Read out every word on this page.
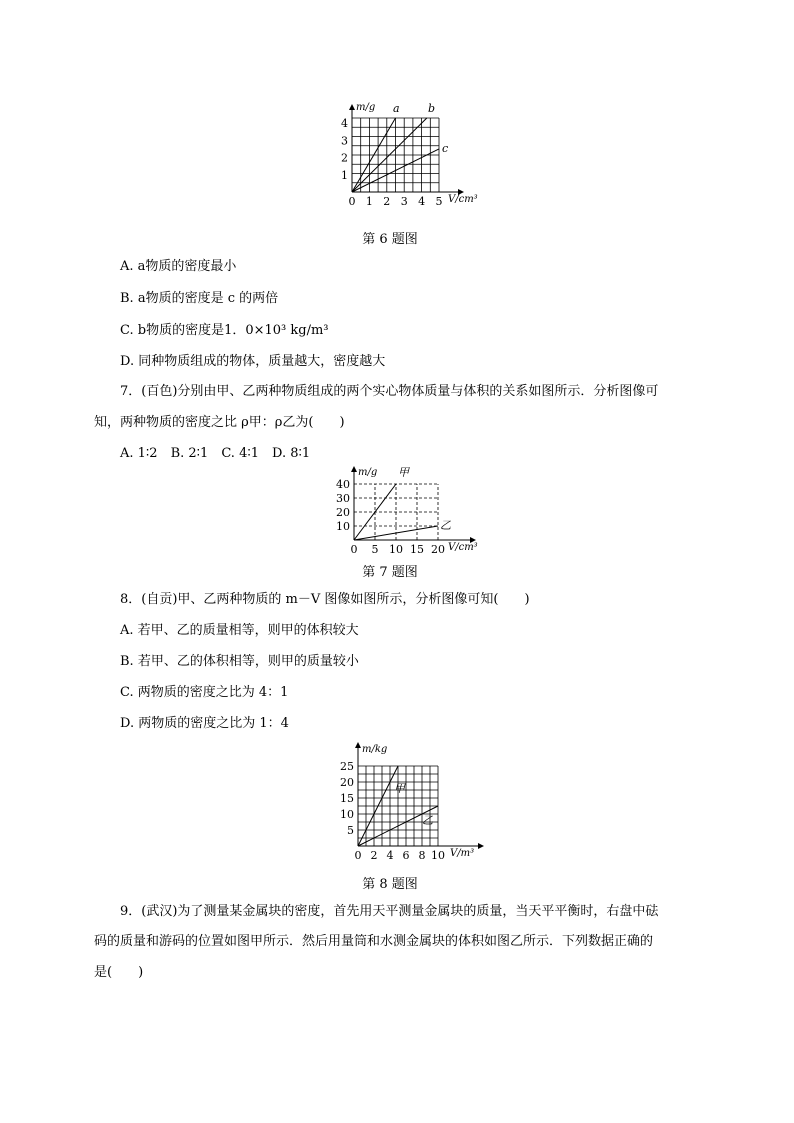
0 1 2 3 4 5
1
2
3
4
V/cm³
m/g a	b
c
第 6 题图
A. a物质的密度最小
B. a物质的密度是 c 的两倍
C. b物质的密度是1．0×10³ kg/m³
D. 同种物质组成的物体，质量越大，密度越大
7．(百色)分别由甲、乙两种物质组成的两个实心物体质量与体积的关系如图所示．分析图像可
知，两种物质的密度之比 ρ甲：ρ乙为(　　)
A. 1∶2　B. 2∶1　C. 4∶1　D. 8∶1
0 5 10 15 20
10
20
30
40
V/cm³
m/g 甲
乙
第 7 题图
8．(自贡)甲、乙两种物质的 m－V 图像如图所示，分析图像可知(　　)
A. 若甲、乙的质量相等，则甲的体积较大
B. 若甲、乙的体积相等，则甲的质量较小
C. 两物质的密度之比为 4：1
D. 两物质的密度之比为 1：4
0 2 4 6 8 10
5
10
15
20
25
V/m³
m/kg
甲
乙
第 8 题图
9．(武汉)为了测量某金属块的密度，首先用天平测量金属块的质量，当天平平衡时，右盘中砝
码的质量和游码的位置如图甲所示．然后用量筒和水测金属块的体积如图乙所示．下列数据正确的
是(　　)
